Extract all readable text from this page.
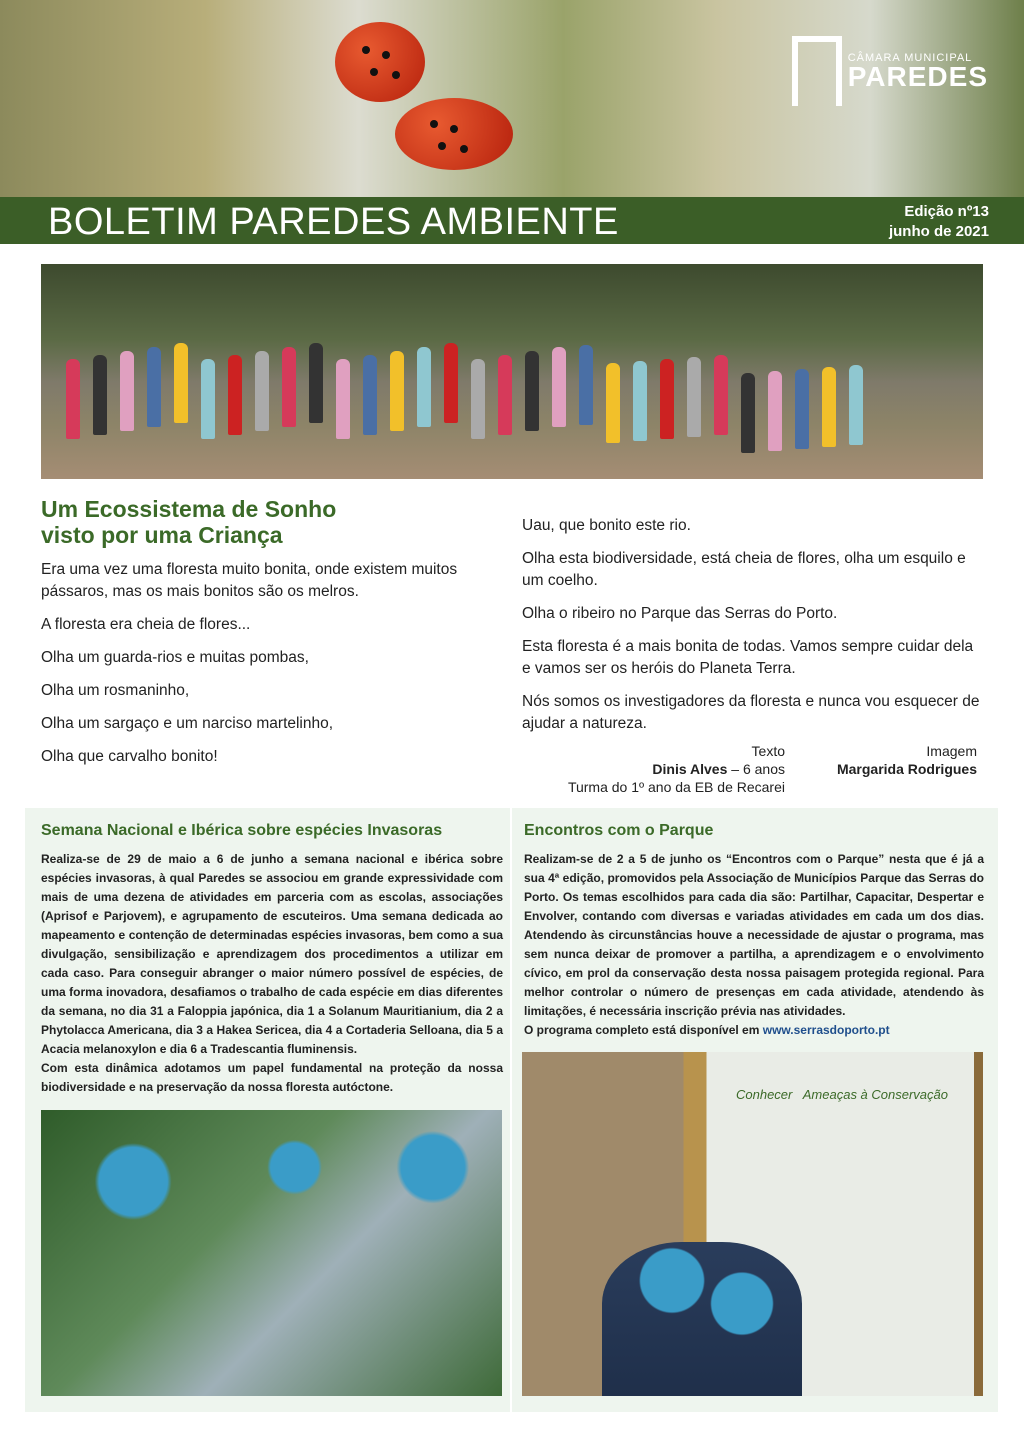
CÂMARA MUNICIPAL
PAREDES
BOLETIM PAREDES AMBIENTE	Edição nº13
junho de 2021
Um Ecossistema de Sonho
visto por uma Criança

Era uma vez uma floresta muito bonita, onde existem muitos pássaros, mas os mais bonitos são os melros.

A floresta era cheia de flores...

Olha um guarda-rios e muitas pombas,

Olha um rosmaninho,

Olha um sargaço e um narciso martelinho,

Olha que carvalho bonito!

Uau, que bonito este rio.

Olha esta biodiversidade, está cheia de flores, olha um esquilo e um coelho.

Olha o ribeiro no Parque das Serras do Porto.

Esta floresta é a mais bonita de todas. Vamos sempre cuidar dela e vamos ser os heróis do Planeta Terra.

Nós somos os investigadores da floresta e nunca vou esquecer de ajudar a natureza.

Texto
Dinis Alves – 6 anos
Turma do 1º ano da EB de Recarei
Imagem
Margarida Rodrigues
Semana Nacional e Ibérica sobre espécies Invasoras

Realiza-se de 29 de maio a 6 de junho a semana nacional e ibérica sobre espécies invasoras, à qual Paredes se associou em grande expressividade com mais de uma dezena de atividades em parceria com as escolas, associações (Aprisof e Parjovem), e agrupamento de escuteiros. Uma semana dedicada ao mapeamento e contenção de determinadas espécies invasoras, bem como a sua divulgação, sensibilização e aprendizagem dos procedimentos a utilizar em cada caso. Para conseguir abranger o maior número possível de espécies, de uma forma inovadora, desafiamos o trabalho de cada espécie em dias diferentes da semana, no dia 31 a Faloppia japónica, dia 1 a Solanum Mauritianium, dia 2 a Phytolacca Americana, dia 3 a Hakea Sericea, dia 4 a Cortaderia Selloana, dia 5 a Acacia melanoxylon e dia 6 a Tradescantia fluminensis.

Com esta dinâmica adotamos um papel fundamental na proteção da nossa biodiversidade e na preservação da nossa floresta autóctone.

Encontros com o Parque

Realizam-se de 2 a 5 de junho os “Encontros com o Parque” nesta que é já a sua 4ª edição, promovidos pela Associação de Municípios Parque das Serras do Porto. Os temas escolhidos para cada dia são: Partilhar, Capacitar, Despertar e Envolver, contando com diversas e variadas atividades em cada um dos dias. Atendendo às circunstâncias houve a necessidade de ajustar o programa, mas sem nunca deixar de promover a partilha, a aprendizagem e o envolvimento cívico, em prol da conservação desta nossa paisagem protegida regional. Para melhor controlar o número de presenças em cada atividade, atendendo às limitações, é necessária inscrição prévia nas atividades.

O programa completo está disponível em www.serrasdoporto.pt

Conhecer Ameaças à Conservação
